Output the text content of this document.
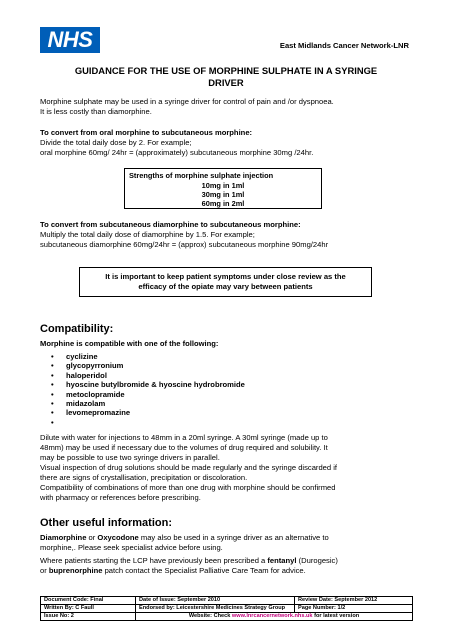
NHS	East Midlands Cancer Network-LNR
GUIDANCE FOR THE USE OF MORPHINE SULPHATE IN A SYRINGE
DRIVER

Morphine sulphate may be used in a syringe driver for control of pain and /or dyspnoea.

It is less costly than diamorphine.

To convert from oral morphine to subcutaneous morphine:

Divide the total daily dose by 2. For example;

oral morphine 60mg/ 24hr = (approximately) subcutaneous morphine 30mg /24hr.

Strengths of morphine sulphate injection
10mg in 1ml
30mg in 1ml
60mg in 2ml

To convert from subcutaneous diamorphine to subcutaneous morphine:

Multiply the total daily dose of diamorphine by 1.5. For example;

subcutaneous diamorphine 60mg/24hr = (approx) subcutaneous morphine 90mg/24hr

It is important to keep patient symptoms under close review as the
efficacy of the opiate may vary between patients
Compatibility:

Morphine is compatible with one of the following:

• cyclizine
• glycopyrronium
• haloperidol
• hyoscine butylbromide & hyoscine hydrobromide
• metoclopramide
• midazolam
• levomepromazine
•

Dilute with water for injections to 48mm in a 20ml syringe. A 30ml syringe (made up to

48mm) may be used if necessary due to the volumes of drug required and solubility. It

may be possible to use two syringe drivers in parallel.

Visual inspection of drug solutions should be made regularly and the syringe discarded if

there are signs of crystallisation, precipitation or discoloration.

Compatibility of combinations of more than one drug with morphine should be confirmed

with pharmacy or references before prescribing.

Other useful information:

Diamorphine or Oxycodone may also be used in a syringe driver as an alternative to

morphine,. Please seek specialist advice before using.

Where patients starting the LCP have previously been prescribed a fentanyl (Durogesic)

or buprenorphine patch contact the Specialist Palliative Care Team for advice.

Document Code: Final	Date of Issue: September 2010	Review Date: September 2012
Written By: C Faull	Endorsed by: Leicestershire Medicines Strategy Group	Page Number: 1/2
Issue No: 2	Website: Check www.lnrcancernetwork.nhs.uk for latest version	
